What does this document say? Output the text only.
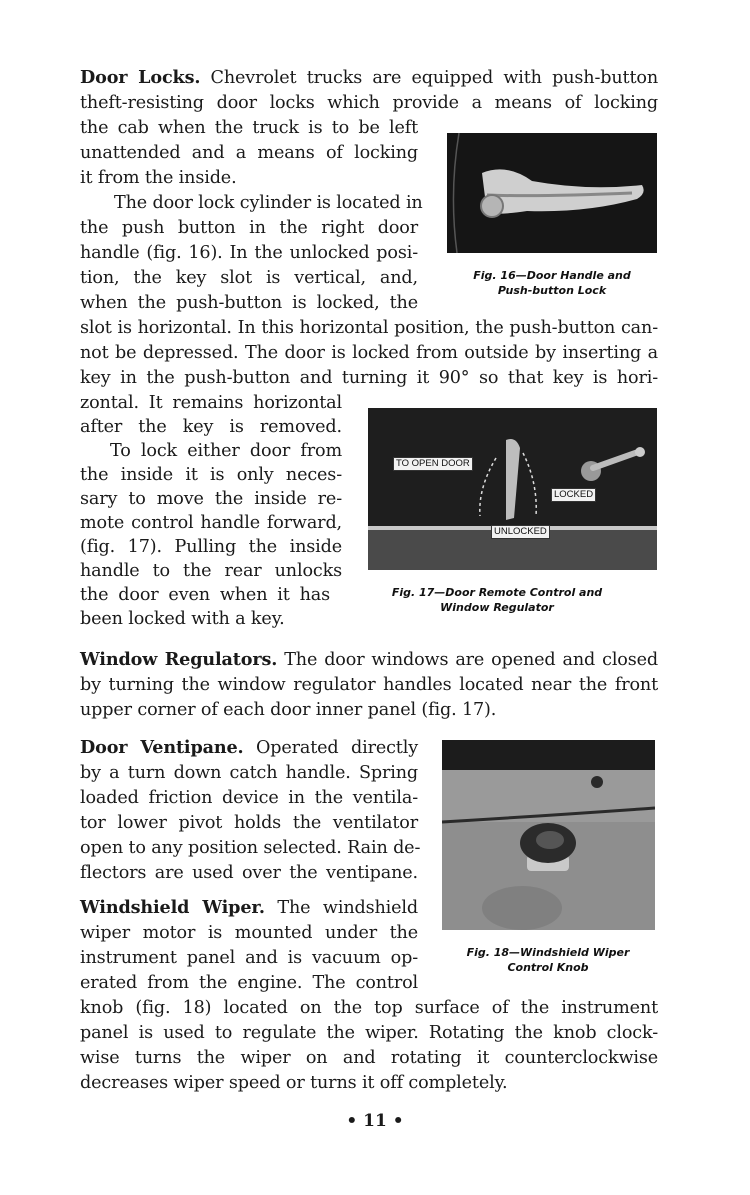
Door Locks. Chevrolet trucks are equipped with push-button
theft-resisting door locks which provide a means of locking
the cab when the truck is to be left
unattended and a means of locking
it from the inside.
The door lock cylinder is located in
the push button in the right door
handle (fig. 16). In the unlocked posi-
tion, the key slot is vertical, and,
when the push-button is locked, the
slot is horizontal. In this horizontal position, the push-button can-
not be depressed. The door is locked from outside by inserting a
key in the push-button and turning it 90° so that key is hori-
zontal. It remains horizontal
after the key is removed.
To lock either door from
the inside it is only neces-
sary to move the inside re-
mote control handle forward,
(fig. 17). Pulling the inside
handle to the rear unlocks
the door even when it has
been locked with a key.
Fig. 16—Door Handle and
Push-button Lock
TO OPEN DOOR
LOCKED
UNLOCKED
Fig. 17—Door Remote Control and
Window Regulator
Window Regulators. The door windows are opened and closed
by turning the window regulator handles located near the front
upper corner of each door inner panel (fig. 17).
Door Ventipane. Operated directly
by a turn down catch handle. Spring
loaded friction device in the ventila-
tor lower pivot holds the ventilator
open to any position selected. Rain de-
flectors are used over the ventipane.
Windshield Wiper. The windshield
wiper motor is mounted under the
instrument panel and is vacuum op-
erated from the engine. The control
knob (fig. 18) located on the top surface of the instrument
panel is used to regulate the wiper. Rotating the knob clock-
wise turns the wiper on and rotating it counterclockwise
decreases wiper speed or turns it off completely.
Fig. 18—Windshield Wiper
Control Knob
• 11 •
